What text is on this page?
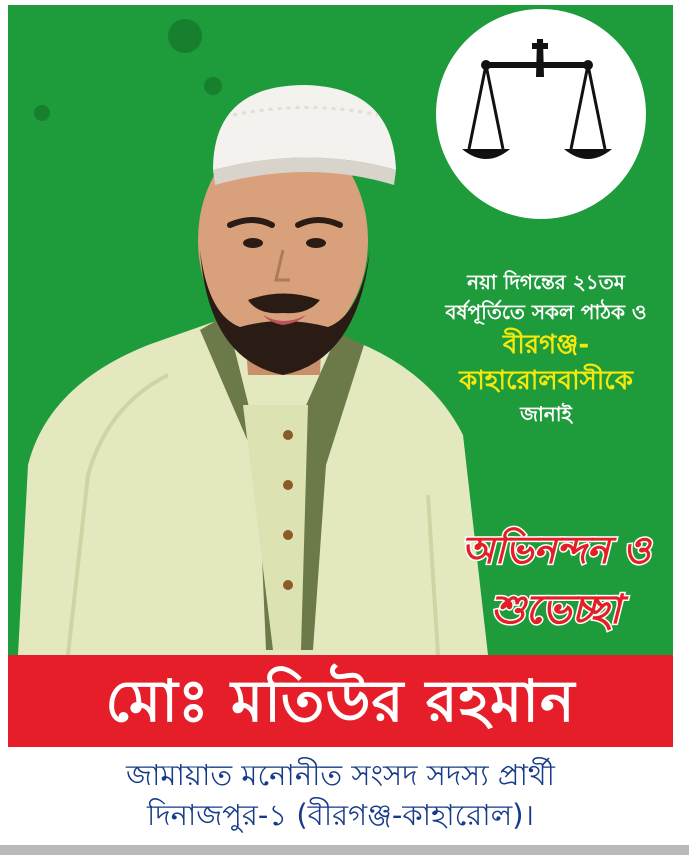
নয়া দিগন্তের ২১তম
বর্ষপূর্তিতে সকল পাঠক ও
বীরগঞ্জ-
কাহারোলবাসীকে
জানাই
অভিনন্দন ও
শুভেচ্ছা
মোঃ মতিউর রহমান
জামায়াত মনোনীত সংসদ সদস্য প্রার্থী
দিনাজপুর-১ (বীরগঞ্জ-কাহারোল)।
